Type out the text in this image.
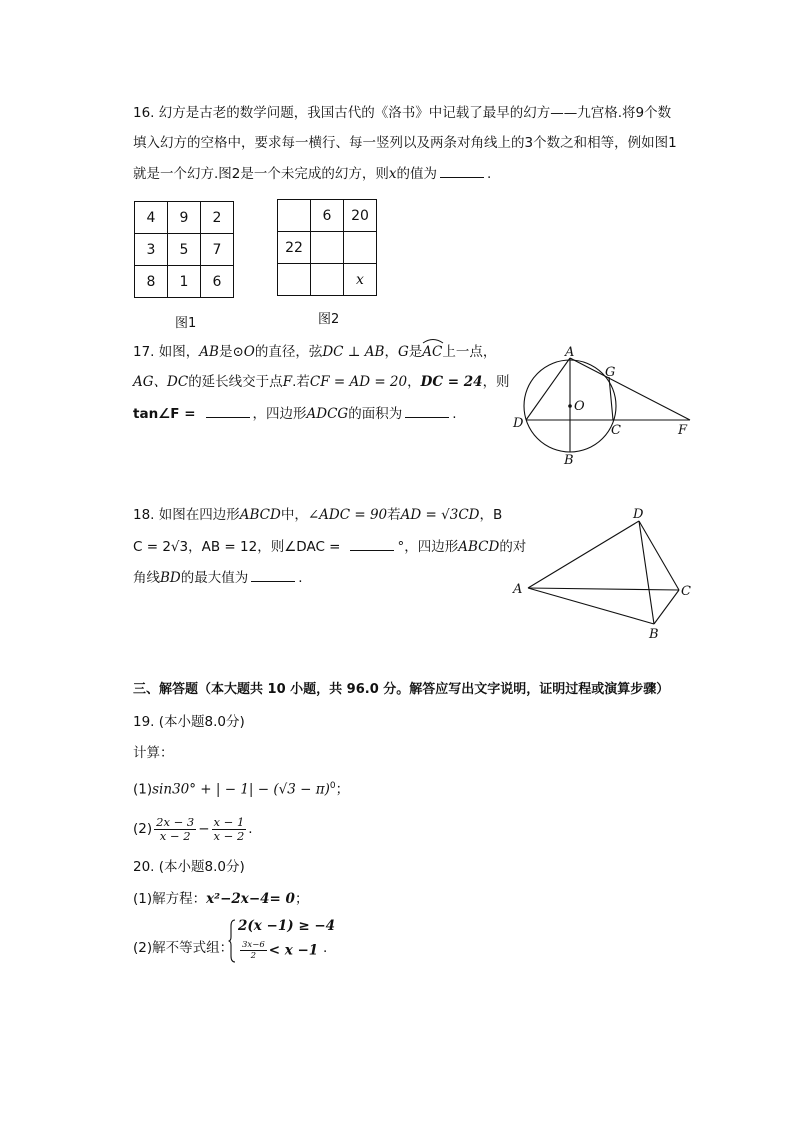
16. 幻方是古老的数学问题，我国古代的《洛书》中记载了最早的幻方——九宫格.将9个数
填入幻方的空格中，要求每一横行、每一竖列以及两条对角线上的3个数之和相等，例如图1
就是一个幻方.图2是一个未完成的幻方，则x的值为	.
4	9	2
3	5	7
8	1	6
图1
	6	20
22		
		x
图2
17. 如图，AB是⊙O的直径，弦DC ⊥ AB，G是
AC上一点，
AG、DC的延长线交于点F.若CF = AD = 20，DC = 24，则
tan∠F =	，四边形ADCG的面积为	.
A
G
O
D	C	F
B
18. 如图在四边形ABCD中，∠ADC = 90若AD = √3CD，B
C = 2√3，AB = 12，则∠DAC =	°，四边形ABCD的对
角线BD的最大值为	.
D
A	C
B
三、解答题（本大题共 10 小题，共 96.0 分。解答应写出文字说明，证明过程或演算步骤）
19. (本小题8.0分)
计算：
(1)sin30° + | − $1| - (√3 - \pi)^0$；
$(2) \frac{2x - 3}{x - 2} - \frac{x - 1}{x - 2}$ .
20. (本小题8.0分)
(1)解方程：x²−2x−4= 0；
(2)解不等式组：
2(x −1) ≥ −4
$\frac{3x-6}{2} < x -1$ .
